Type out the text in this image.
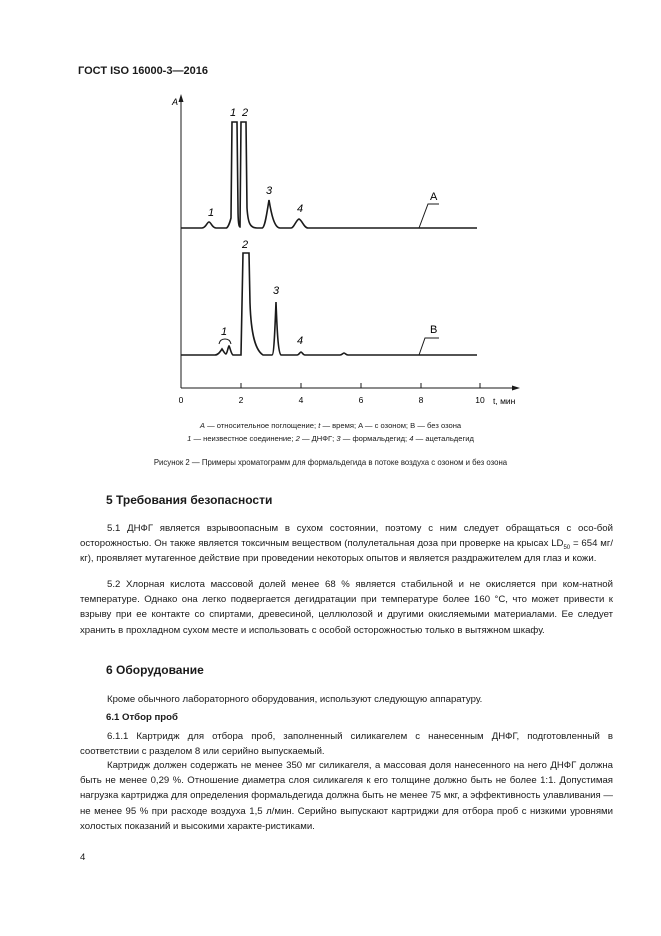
ГОСТ ISO 16000-3—2016
A
0	2	4	6	8	10 t, мин
1
1 2
3
4
A
1
2
3
4
B
А — относительное поглощение; t — время; A — с озоном; B — без озона
1 — неизвестное соединение; 2 — ДНФГ; 3 — формальдегид; 4 — ацетальдегид
Рисунок 2 — Примеры хроматограмм для формальдегида в потоке воздуха с озоном и без озона
5 Требования безопасности
5.1 ДНФГ является взрывоопасным в сухом состоянии, поэтому с ним следует обращаться с осо-бой осторожностью. Он также является токсичным веществом (полулетальная доза при проверке на крысах $LD_{50} = 654$ мг/кг), проявляет мутагенное действие при проведении некоторых опытов и является раздражителем для глаз и кожи.
5.2 Хлорная кислота массовой долей менее 68 % является стабильной и не окисляется при ком-натной температуре. Однако она легко подвергается дегидратации при температуре более 160 °С, что может привести к взрыву при ее контакте со спиртами, древесиной, целлюлозой и другими окисляемыми материалами. Ее следует хранить в прохладном сухом месте и использовать с особой осторожностью только в вытяжном шкафу.
6 Оборудование
Кроме обычного лабораторного оборудования, используют следующую аппаратуру.
6.1 Отбор проб
6.1.1 Картридж для отбора проб, заполненный силикагелем с нанесенным ДНФГ, подготовленный в соответствии с разделом 8 или серийно выпускаемый.
Картридж должен содержать не менее 350 мг силикагеля, а массовая доля нанесенного на него ДНФГ должна быть не менее 0,29 %. Отношение диаметра слоя силикагеля к его толщине должно быть не более 1:1. Допустимая нагрузка картриджа для определения формальдегида должна быть не менее 75 мкг, а эффективность улавливания — не менее 95 % при расходе воздуха 1,5 л/мин. Серийно выпускают картриджи для отбора проб с низкими уровнями холостых показаний и высокими характе-ристиками.
4
